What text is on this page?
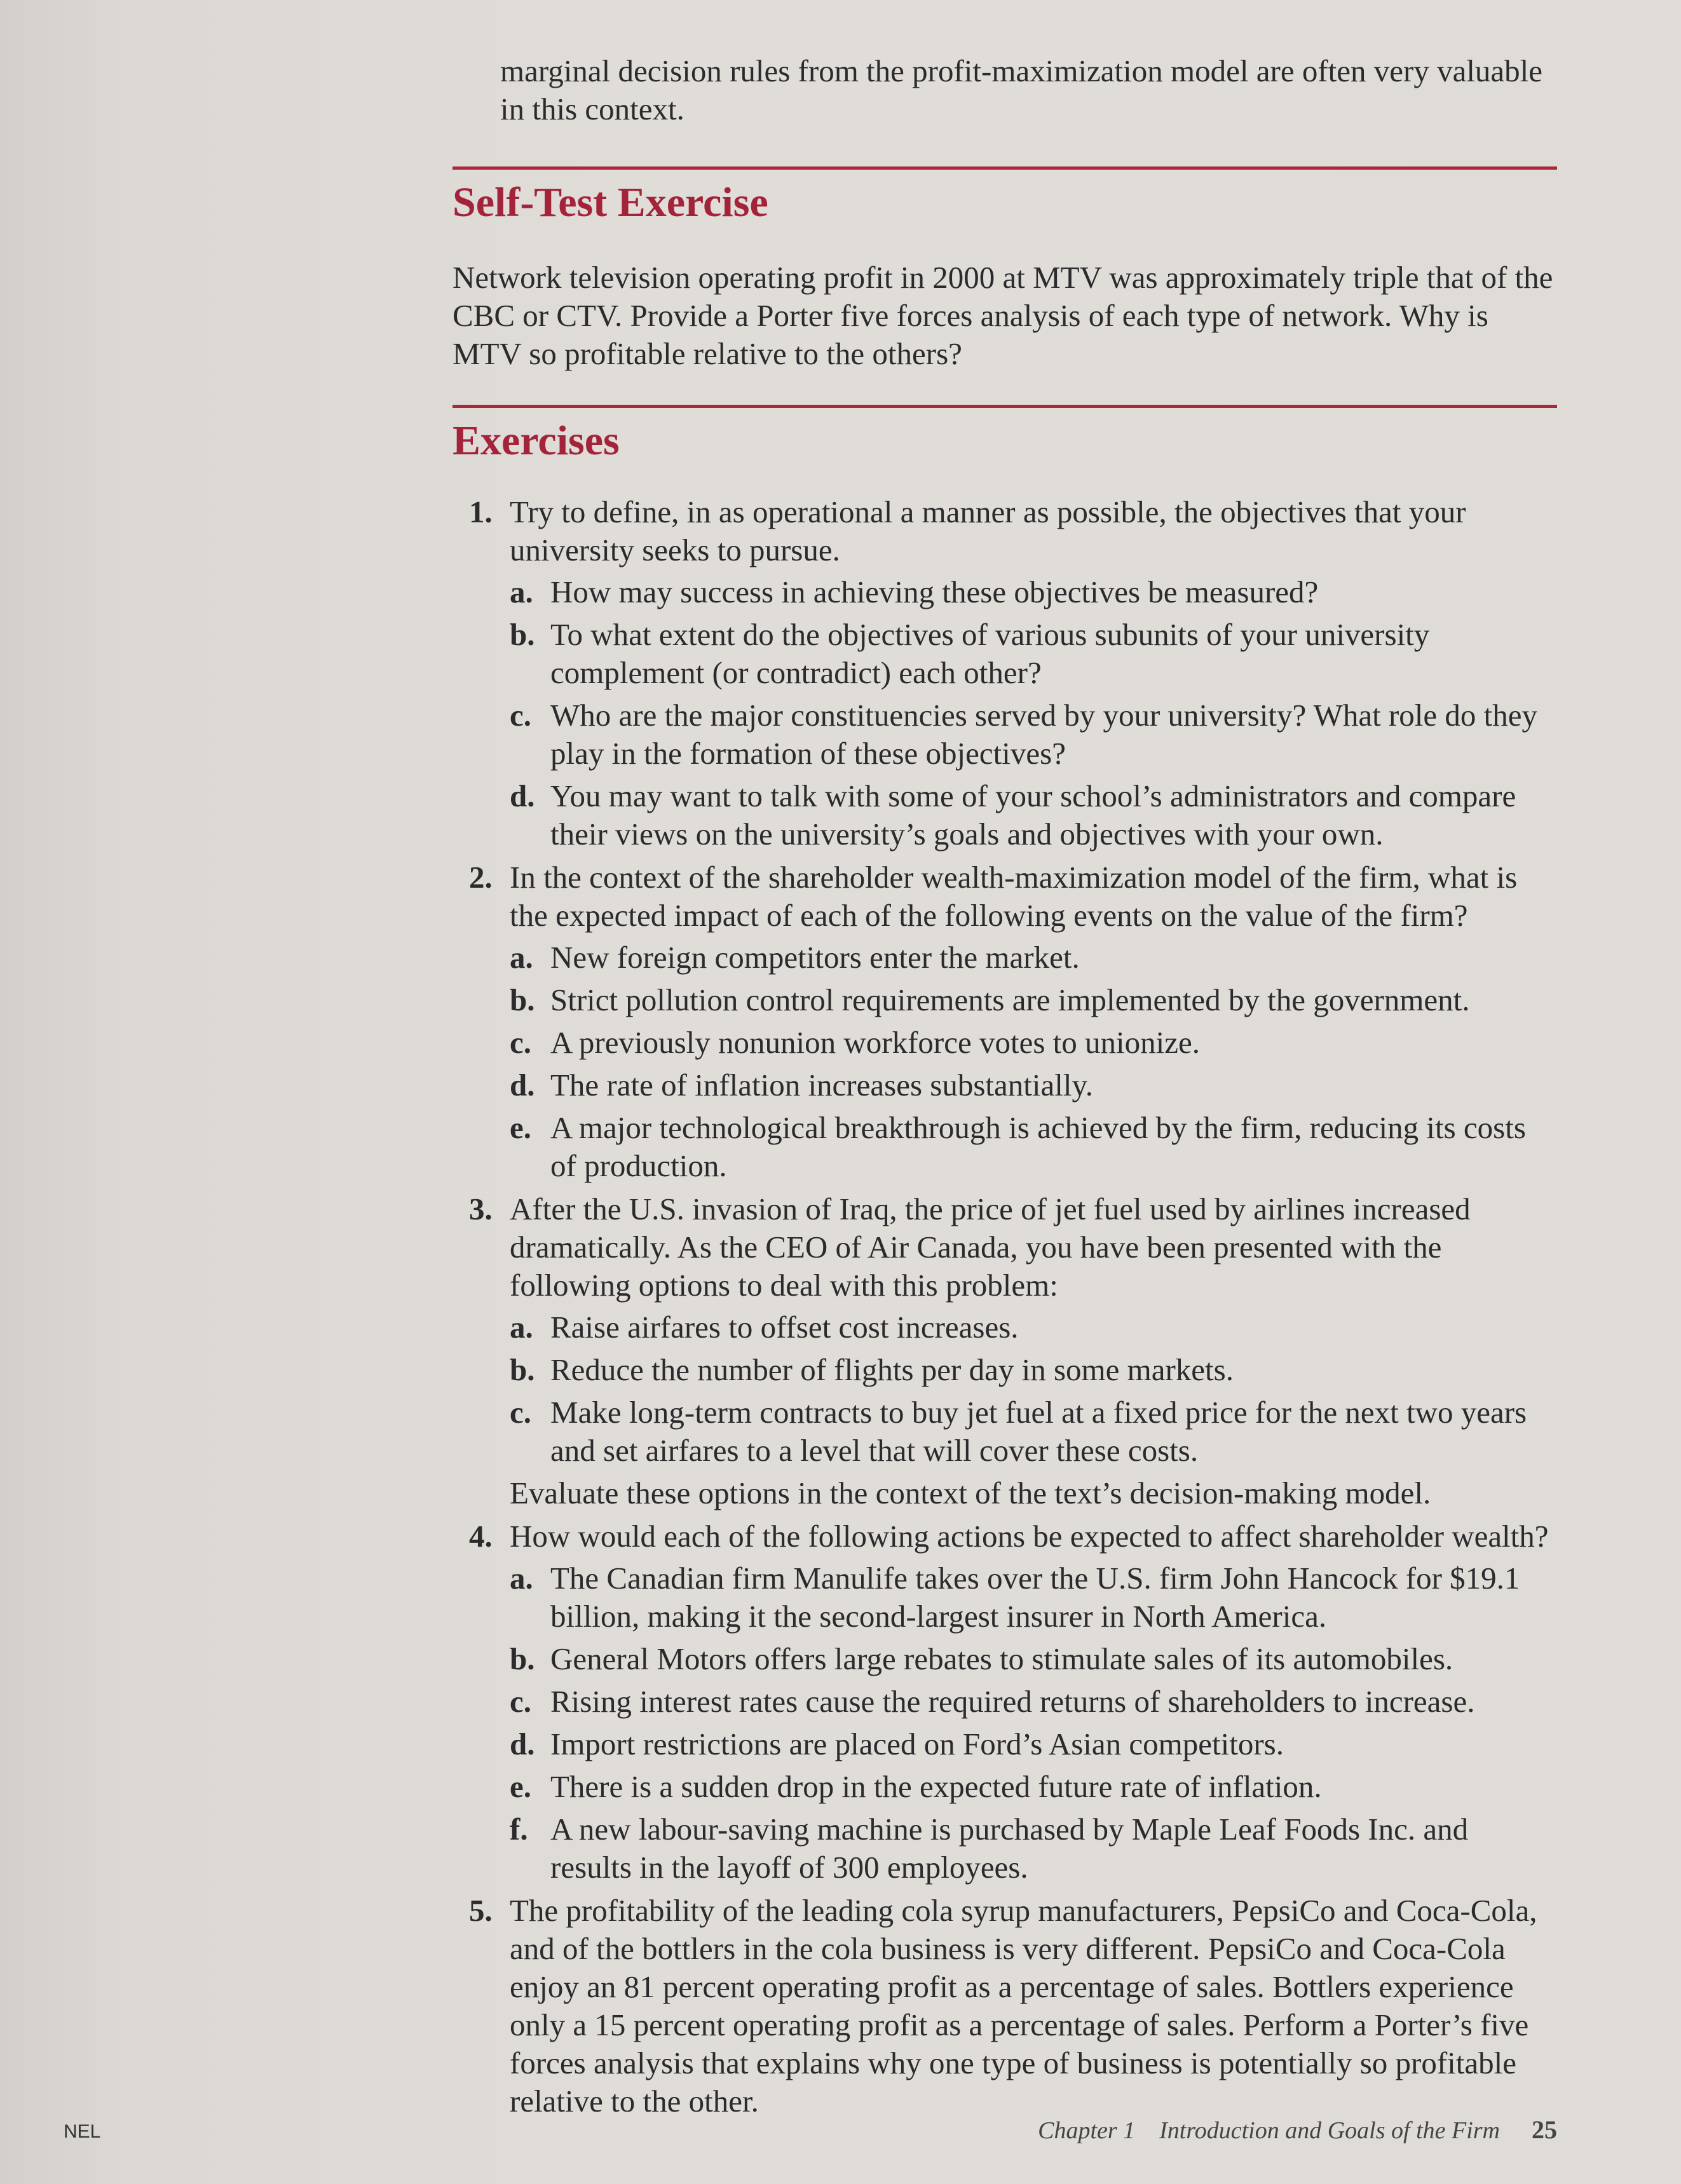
marginal decision rules from the profit-maximization model are often very valuable in this context.

Self-Test Exercise

Network television operating profit in 2000 at MTV was approximately triple that of the CBC or CTV. Provide a Porter five forces analysis of each type of network. Why is MTV so profitable relative to the others?

Exercises
1. Try to define, in as operational a manner as possible, the objectives that your university seeks to pursue.
a. How may success in achieving these objectives be measured?
b. To what extent do the objectives of various subunits of your university complement (or contradict) each other?
c. Who are the major constituencies served by your university? What role do they play in the formation of these objectives?
d. You may want to talk with some of your school’s administrators and compare their views on the university’s goals and objectives with your own.
2. In the context of the shareholder wealth-maximization model of the firm, what is the expected impact of each of the following events on the value of the firm?
a. New foreign competitors enter the market.
b. Strict pollution control requirements are implemented by the government.
c. A previously nonunion workforce votes to unionize.
d. The rate of inflation increases substantially.
e. A major technological breakthrough is achieved by the firm, reducing its costs of production.
3. After the U.S. invasion of Iraq, the price of jet fuel used by airlines increased dramatically. As the CEO of Air Canada, you have been presented with the following options to deal with this problem:
a. Raise airfares to offset cost increases.
b. Reduce the number of flights per day in some markets.
c. Make long-term contracts to buy jet fuel at a fixed price for the next two years and set airfares to a level that will cover these costs.
Evaluate these options in the context of the text’s decision-making model.
4. How would each of the following actions be expected to affect shareholder wealth?
a. The Canadian firm Manulife takes over the U.S. firm John Hancock for $19.1 billion, making it the second-largest insurer in North America.
b. General Motors offers large rebates to stimulate sales of its automobiles.
c. Rising interest rates cause the required returns of shareholders to increase.
d. Import restrictions are placed on Ford’s Asian competitors.
e. There is a sudden drop in the expected future rate of inflation.
f. A new labour-saving machine is purchased by Maple Leaf Foods Inc. and results in the layoff of 300 employees.
5. The profitability of the leading cola syrup manufacturers, PepsiCo and Coca-Cola, and of the bottlers in the cola business is very different. PepsiCo and Coca-Cola enjoy an 81 percent operating profit as a percentage of sales. Bottlers experience only a 15 percent operating profit as a percentage of sales. Perform a Porter’s five forces analysis that explains why one type of business is potentially so profitable relative to the other.
NEL	Chapter 1 Introduction and Goals of the Firm 25
